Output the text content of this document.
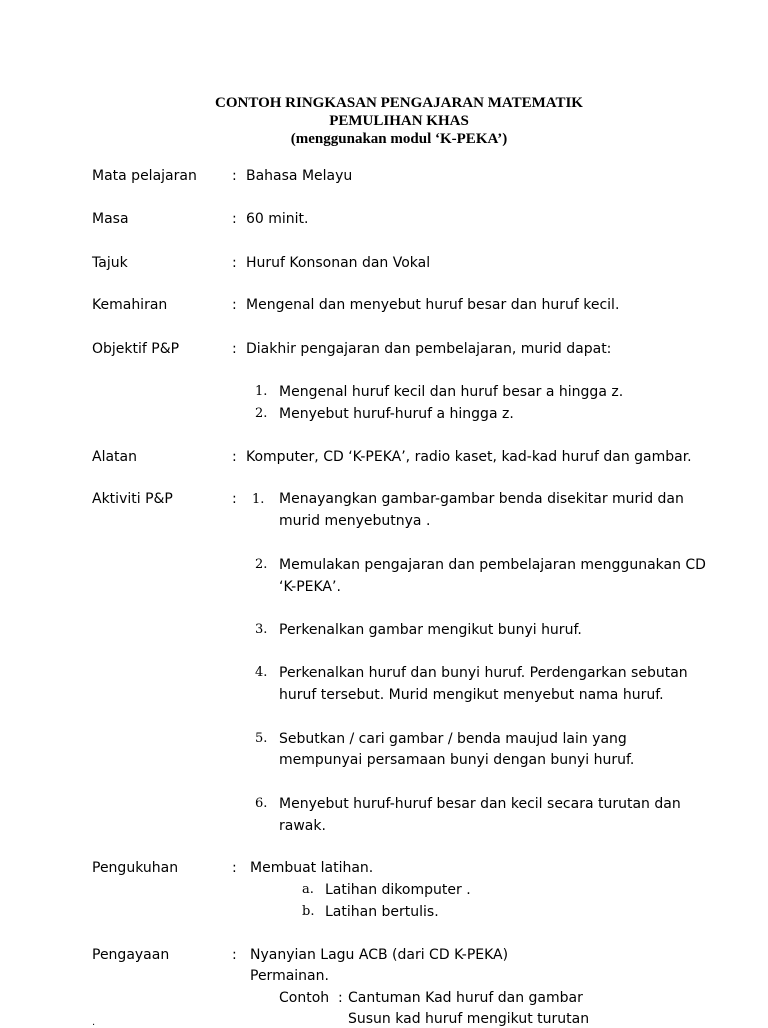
CONTOH RINGKASAN PENGAJARAN MATEMATIK
PEMULIHAN KHAS
(menggunakan modul ‘K-PEKA’)
Mata pelajaran	: Bahasa Melayu
Masa	: 60 minit.
Tajuk	: Huruf Konsonan dan Vokal
Kemahiran	: Mengenal dan menyebut huruf besar dan huruf kecil.
Objektif P&P	: Diakhir pengajaran dan pembelajaran, murid dapat:
1. Mengenal huruf kecil dan huruf besar a hingga z.
2. Menyebut huruf-huruf a hingga z.
Alatan	: Komputer, CD ‘K-PEKA’, radio kaset, kad-kad huruf dan gambar.
Aktiviti P&P	: 1. Menayangkan gambar-gambar benda disekitar murid dan
murid menyebutnya .
2. Memulakan pengajaran dan pembelajaran menggunakan CD
‘K-PEKA’.
3. Perkenalkan gambar mengikut bunyi huruf.
4. Perkenalkan huruf dan bunyi huruf. Perdengarkan sebutan
huruf tersebut. Murid mengikut menyebut nama huruf.
5. Sebutkan / cari gambar / benda maujud lain yang
mempunyai persamaan bunyi dengan bunyi huruf.
6. Menyebut huruf-huruf besar dan kecil secara turutan dan
rawak.
Pengukuhan	: Membuat latihan.
a. Latihan dikomputer .
b. Latihan bertulis.
Pengayaan	: Nyanyian Lagu ACB (dari CD K-PEKA)
Permainan.
Contoh : Cantuman Kad huruf dan gambar
Susun kad huruf mengikut turutan
.
